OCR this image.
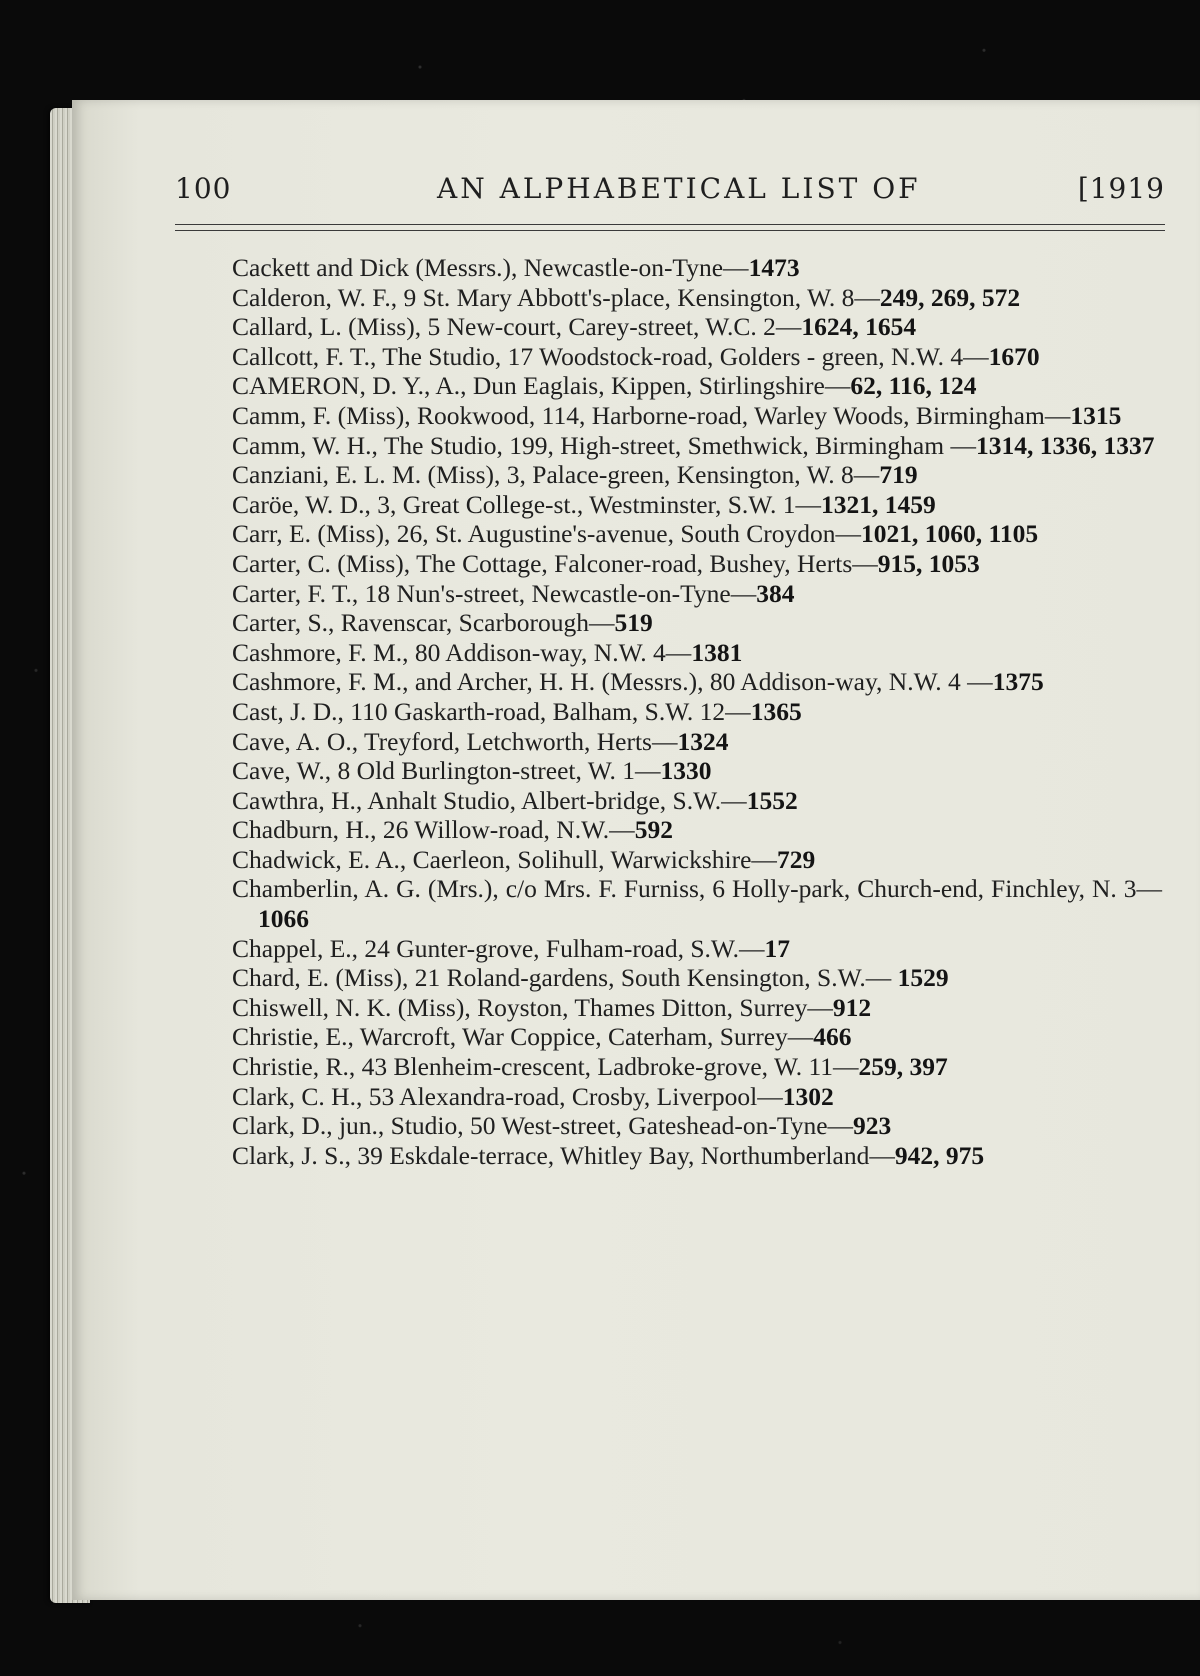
100	AN ALPHABETICAL LIST OF	[1919

Cackett and Dick (Messrs.), Newcastle-on-Tyne—1473

Calderon, W. F., 9 St. Mary Abbott's-place, Kensington, W. 8—249, 269, 572

Callard, L. (Miss), 5 New-court, Carey-street, W.C. 2—1624, 1654

Callcott, F. T., The Studio, 17 Woodstock-road, Golders - green, N.W. 4—1670

CAMERON, D. Y., A., Dun Eaglais, Kippen, Stirlingshire—62, 116, 124

Camm, F. (Miss), Rookwood, 114, Harborne-road, Warley Woods, Birmingham—1315

Camm, W. H., The Studio, 199, High-street, Smethwick, Birmingham —1314, 1336, 1337

Canziani, E. L. M. (Miss), 3, Palace-green, Kensington, W. 8—719

Caröe, W. D., 3, Great College-st., Westminster, S.W. 1—1321, 1459

Carr, E. (Miss), 26, St. Augustine's-avenue, South Croydon—1021, 1060, 1105

Carter, C. (Miss), The Cottage, Falconer-road, Bushey, Herts—915, 1053

Carter, F. T., 18 Nun's-street, Newcastle-on-Tyne—384

Carter, S., Ravenscar, Scarborough—519

Cashmore, F. M., 80 Addison-way, N.W. 4—1381

Cashmore, F. M., and Archer, H. H. (Messrs.), 80 Addison-way, N.W. 4 —1375

Cast, J. D., 110 Gaskarth-road, Balham, S.W. 12—1365

Cave, A. O., Treyford, Letchworth, Herts—1324

Cave, W., 8 Old Burlington-street, W. 1—1330

Cawthra, H., Anhalt Studio, Albert-bridge, S.W.—1552

Chadburn, H., 26 Willow-road, N.W.—592

Chadwick, E. A., Caerleon, Solihull, Warwickshire—729

Chamberlin, A. G. (Mrs.), c/o Mrs. F. Furniss, 6 Holly-park, Church-end, Finchley, N. 3—1066

Chappel, E., 24 Gunter-grove, Fulham-road, S.W.—17

Chard, E. (Miss), 21 Roland-gardens, South Kensington, S.W.— 1529

Chiswell, N. K. (Miss), Royston, Thames Ditton, Surrey—912

Christie, E., Warcroft, War Coppice, Caterham, Surrey—466

Christie, R., 43 Blenheim-crescent, Ladbroke-grove, W. 11—259, 397

Clark, C. H., 53 Alexandra-road, Crosby, Liverpool—1302

Clark, D., jun., Studio, 50 West-street, Gateshead-on-Tyne—923

Clark, J. S., 39 Eskdale-terrace, Whitley Bay, Northumberland—942, 975
